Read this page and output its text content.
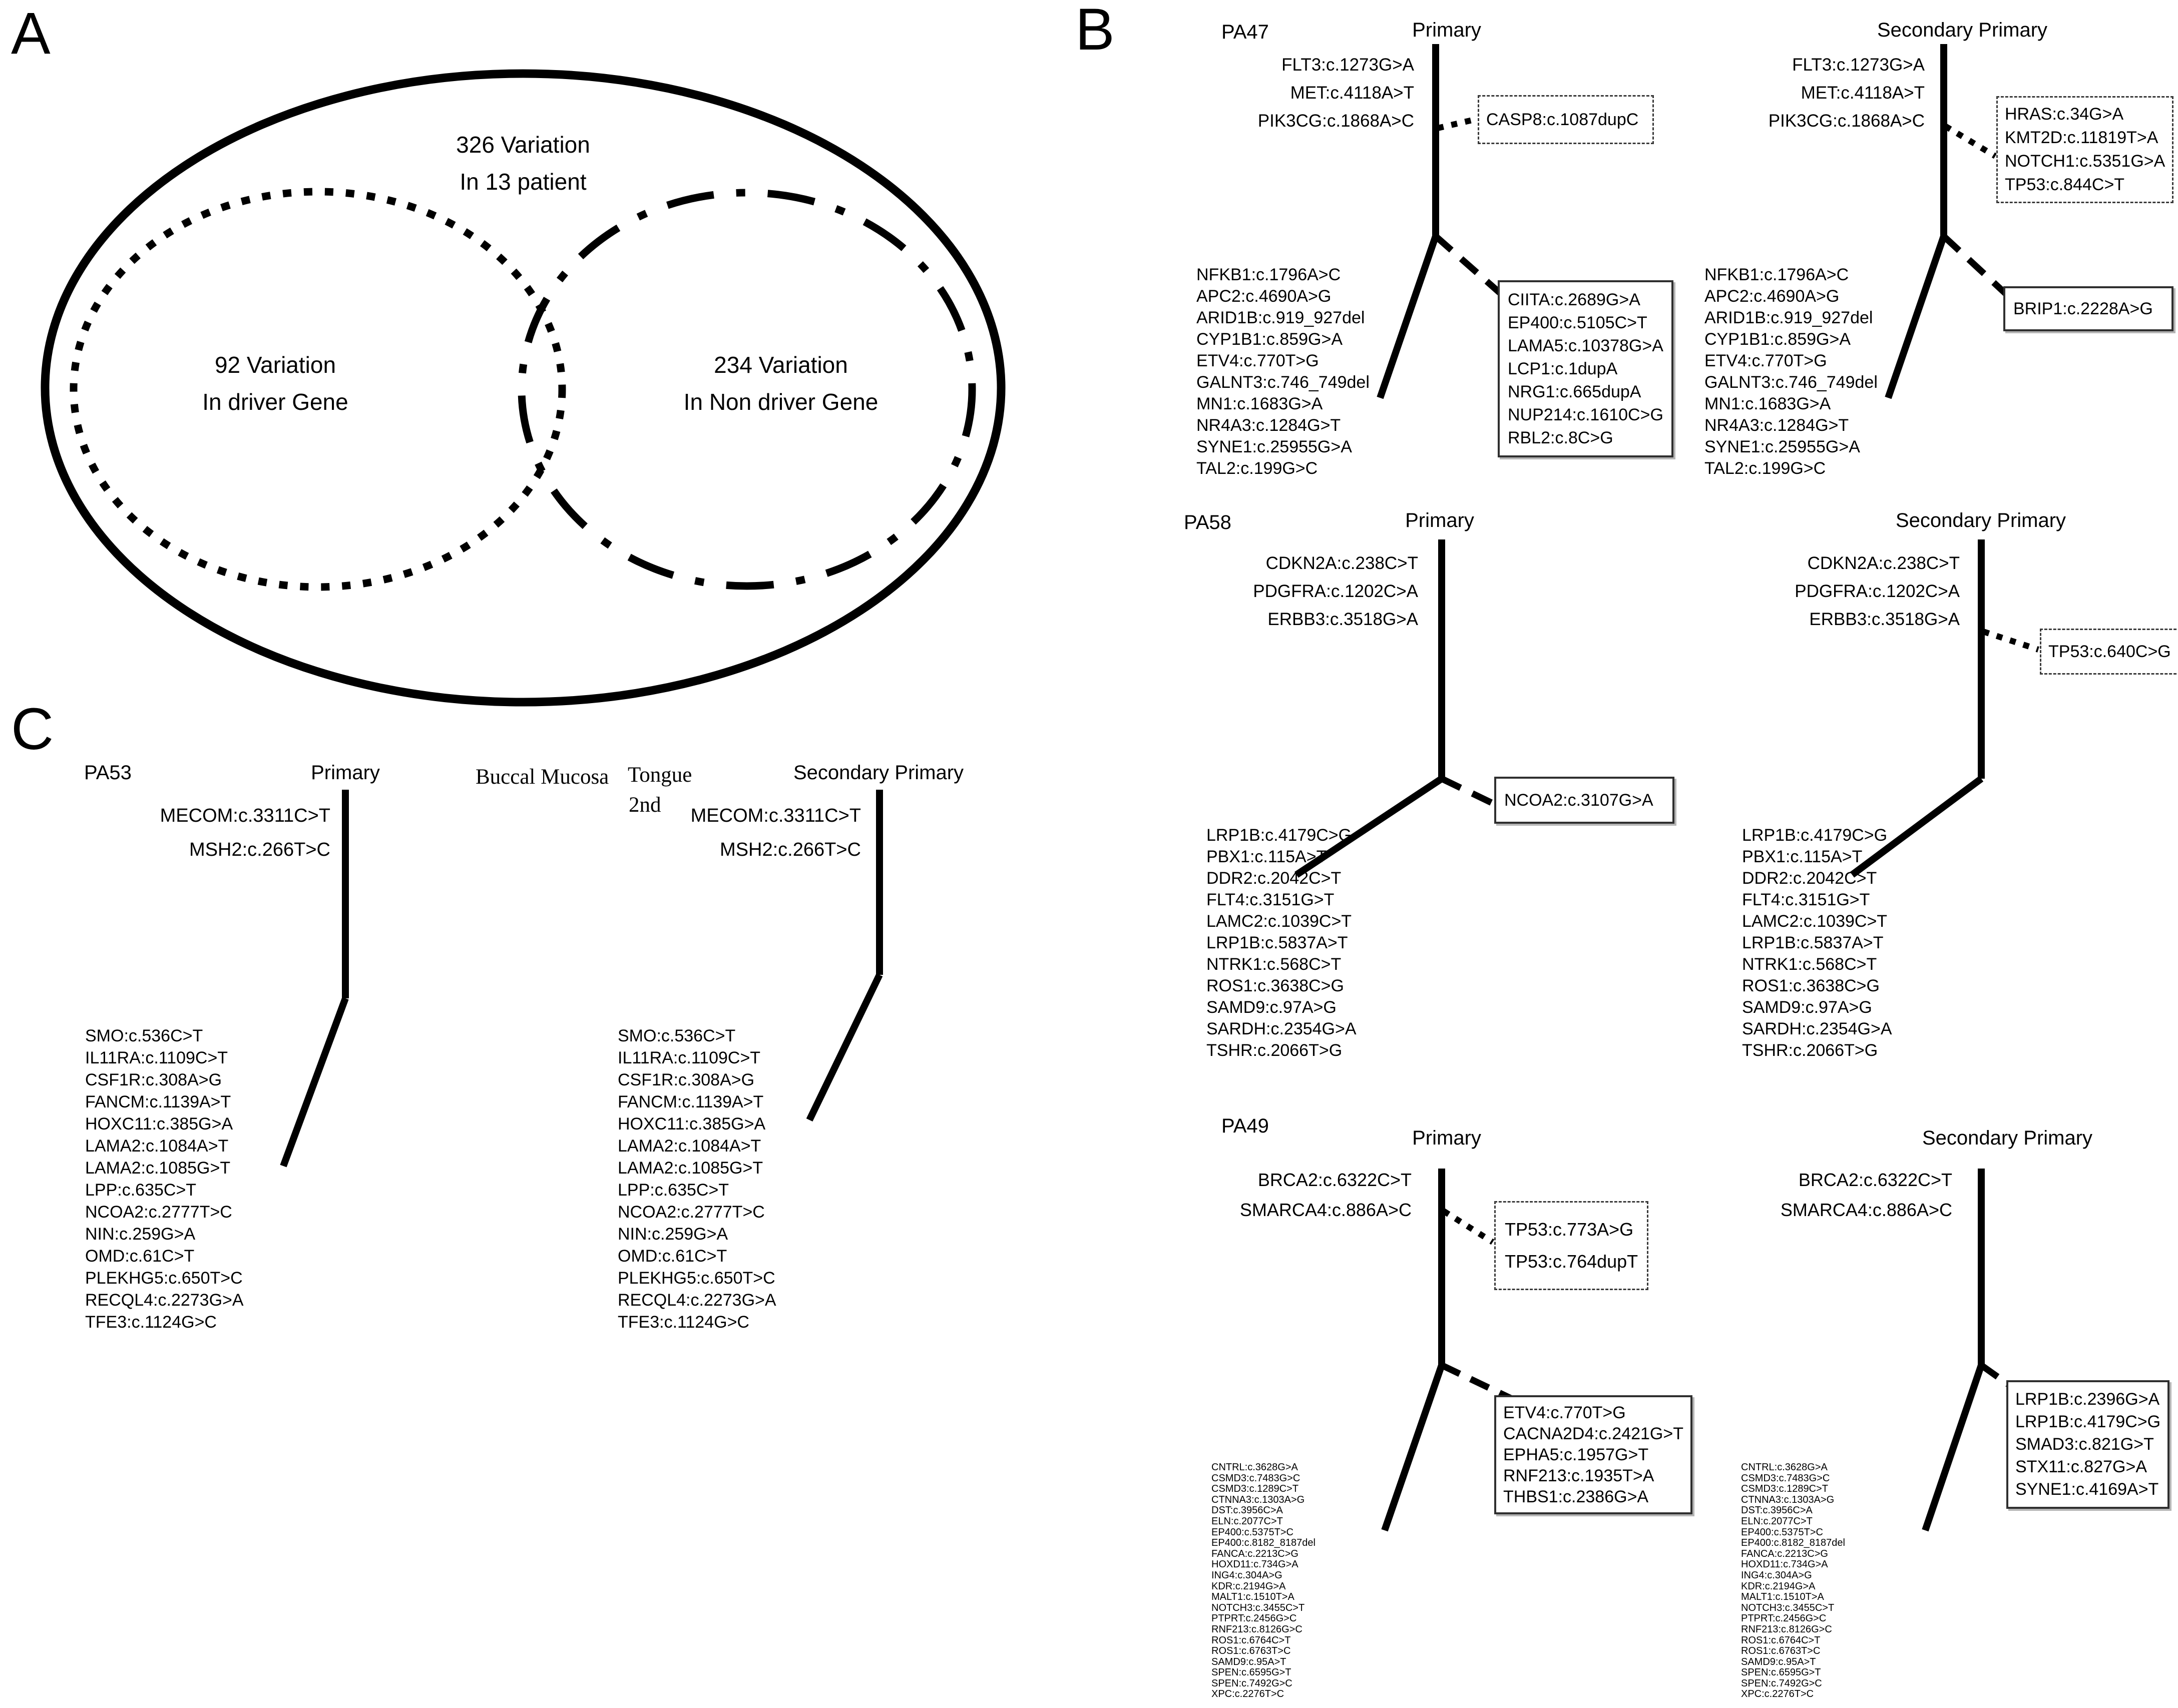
A
326 Variation
In 13 patient
92 Variation
In driver Gene
234 Variation
In Non driver Gene
B	PA47	Primary	Secondary Primary
FLT3:c.1273G>A
MET:c.4118A>T
PIK3CG:c.1868A>C	CASP8:c.1087dupC
NFKB1:c.1796A>C
APC2:c.4690A>G
ARID1B:c.919_927del
CYP1B1:c.859G>A
ETV4:c.770T>G
GALNT3:c.746_749del
MN1:c.1683G>A
NR4A3:c.1284G>T
SYNE1:c.25955G>A
TAL2:c.199G>C
CIITA:c.2689G>A
EP400:c.5105C>T
LAMA5:c.10378G>A
LCP1:c.1dupA
NRG1:c.665dupA
NUP214:c.1610C>G
RBL2:c.8C>G
FLT3:c.1273G>A
MET:c.4118A>T
PIK3CG:c.1868A>C	HRAS:c.34G>A
KMT2D:c.11819T>A
NOTCH1:c.5351G>A
TP53:c.844C>T
NFKB1:c.1796A>C
APC2:c.4690A>G
ARID1B:c.919_927del
CYP1B1:c.859G>A
ETV4:c.770T>G
GALNT3:c.746_749del
MN1:c.1683G>A
NR4A3:c.1284G>T
SYNE1:c.25955G>A
TAL2:c.199G>C
BRIP1:c.2228A>G
PA58	Primary	Secondary Primary
CDKN2A:c.238C>T
PDGFRA:c.1202C>A
ERBB3:c.3518G>A
LRP1B:c.4179C>G
PBX1:c.115A>T
DDR2:c.2042C>T
FLT4:c.3151G>T
LAMC2:c.1039C>T
LRP1B:c.5837A>T
NTRK1:c.568C>T
ROS1:c.3638C>G
SAMD9:c.97A>G
SARDH:c.2354G>A
TSHR:c.2066T>G
NCOA2:c.3107G>A
CDKN2A:c.238C>T
PDGFRA:c.1202C>A
ERBB3:c.3518G>A
TP53:c.640C>G
LRP1B:c.4179C>G
PBX1:c.115A>T
DDR2:c.2042C>T
FLT4:c.3151G>T
LAMC2:c.1039C>T
LRP1B:c.5837A>T
NTRK1:c.568C>T
ROS1:c.3638C>G
SAMD9:c.97A>G
SARDH:c.2354G>A
TSHR:c.2066T>G
PA49
Primary	Secondary Primary
BRCA2:c.6322C>T
SMARCA4:c.886A>C
TP53:c.773A>G
TP53:c.764dupT
CNTRL:c.3628G>A
CSMD3:c.7483G>C
CSMD3:c.1289C>T
CTNNA3:c.1303A>G
DST:c.3956C>A
ELN:c.2077C>T
EP400:c.5375T>C
EP400:c.8182_8187del
FANCA:c.2213C>G
HOXD11:c.734G>A
ING4:c.304A>G
KDR:c.2194G>A
MALT1:c.1510T>A
NOTCH3:c.3455C>T
PTPRT:c.2456G>C
RNF213:c.8126G>C
ROS1:c.6764C>T
ROS1:c.6763T>C
SAMD9:c.95A>T
SPEN:c.6595G>T
SPEN:c.7492G>C
XPC:c.2276T>C
ETV4:c.770T>G
CACNA2D4:c.2421G>T
EPHA5:c.1957G>T
RNF213:c.1935T>A
THBS1:c.2386G>A
BRCA2:c.6322C>T
SMARCA4:c.886A>C
CNTRL:c.3628G>A
CSMD3:c.7483G>C
CSMD3:c.1289C>T
CTNNA3:c.1303A>G
DST:c.3956C>A
ELN:c.2077C>T
EP400:c.5375T>C
EP400:c.8182_8187del
FANCA:c.2213C>G
HOXD11:c.734G>A
ING4:c.304A>G
KDR:c.2194G>A
MALT1:c.1510T>A
NOTCH3:c.3455C>T
PTPRT:c.2456G>C
RNF213:c.8126G>C
ROS1:c.6764C>T
ROS1:c.6763T>C
SAMD9:c.95A>T
SPEN:c.6595G>T
SPEN:c.7492G>C
XPC:c.2276T>C
LRP1B:c.2396G>A
LRP1B:c.4179C>G
SMAD3:c.821G>T
STX11:c.827G>A
SYNE1:c.4169A>T
C
PA53	Primary	Buccal Mucosa Tongue
2nd
Secondary Primary
MECOM:c.3311C>T
MSH2:c.266T>C
MECOM:c.3311C>T
MSH2:c.266T>C
SMO:c.536C>T
IL11RA:c.1109C>T
CSF1R:c.308A>G
FANCM:c.1139A>T
HOXC11:c.385G>A
LAMA2:c.1084A>T
LAMA2:c.1085G>T
LPP:c.635C>T
NCOA2:c.2777T>C
NIN:c.259G>A
OMD:c.61C>T
PLEKHG5:c.650T>C
RECQL4:c.2273G>A
TFE3:c.1124G>C
SMO:c.536C>T
IL11RA:c.1109C>T
CSF1R:c.308A>G
FANCM:c.1139A>T
HOXC11:c.385G>A
LAMA2:c.1084A>T
LAMA2:c.1085G>T
LPP:c.635C>T
NCOA2:c.2777T>C
NIN:c.259G>A
OMD:c.61C>T
PLEKHG5:c.650T>C
RECQL4:c.2273G>A
TFE3:c.1124G>C
